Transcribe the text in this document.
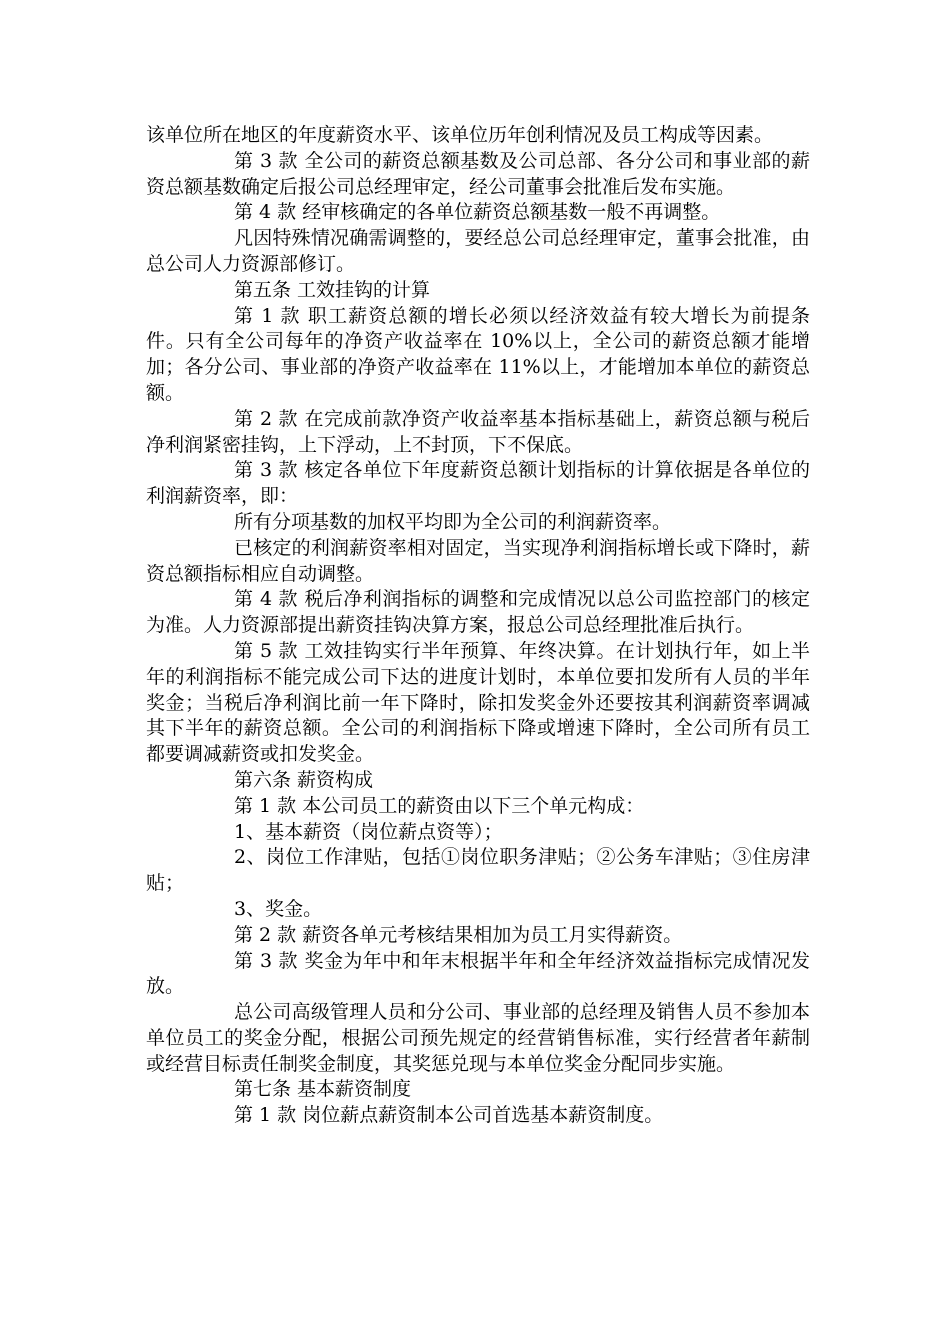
该单位所在地区的年度薪资水平、该单位历年创利情况及员工构成等因素。

第 3 款 全公司的薪资总额基数及公司总部、各分公司和事业部的薪资总额基数确定后报公司总经理审定，经公司董事会批准后发布实施。

第 4 款 经审核确定的各单位薪资总额基数一般不再调整。

凡因特殊情况确需调整的，要经总公司总经理审定，董事会批准，由总公司人力资源部修订。

第五条 工效挂钩的计算

第 1 款 职工薪资总额的增长必须以经济效益有较大增长为前提条件。只有全公司每年的净资产收益率在 10%以上，全公司的薪资总额才能增加；各分公司、事业部的净资产收益率在 11%以上，才能增加本单位的薪资总额。

第 2 款 在完成前款净资产收益率基本指标基础上，薪资总额与税后净利润紧密挂钩，上下浮动，上不封顶，下不保底。

第 3 款 核定各单位下年度薪资总额计划指标的计算依据是各单位的利润薪资率，即：

所有分项基数的加权平均即为全公司的利润薪资率。

已核定的利润薪资率相对固定，当实现净利润指标增长或下降时，薪资总额指标相应自动调整。

第 4 款 税后净利润指标的调整和完成情况以总公司监控部门的核定为准。人力资源部提出薪资挂钩决算方案，报总公司总经理批准后执行。

第 5 款 工效挂钩实行半年预算、年终决算。在计划执行年，如上半年的利润指标不能完成公司下达的进度计划时，本单位要扣发所有人员的半年奖金；当税后净利润比前一年下降时，除扣发奖金外还要按其利润薪资率调减其下半年的薪资总额。全公司的利润指标下降或增速下降时，全公司所有员工都要调减薪资或扣发奖金。

第六条 薪资构成

第 1 款 本公司员工的薪资由以下三个单元构成：

1、基本薪资（岗位薪点资等）；

2、岗位工作津贴，包括①岗位职务津贴；②公务车津贴；③住房津贴；

3、奖金。

第 2 款 薪资各单元考核结果相加为员工月实得薪资。

第 3 款 奖金为年中和年末根据半年和全年经济效益指标完成情况发放。

总公司高级管理人员和分公司、事业部的总经理及销售人员不参加本单位员工的奖金分配，根据公司预先规定的经营销售标准，实行经营者年薪制或经营目标责任制奖金制度，其奖惩兑现与本单位奖金分配同步实施。

第七条 基本薪资制度

第 1 款 岗位薪点薪资制本公司首选基本薪资制度。
